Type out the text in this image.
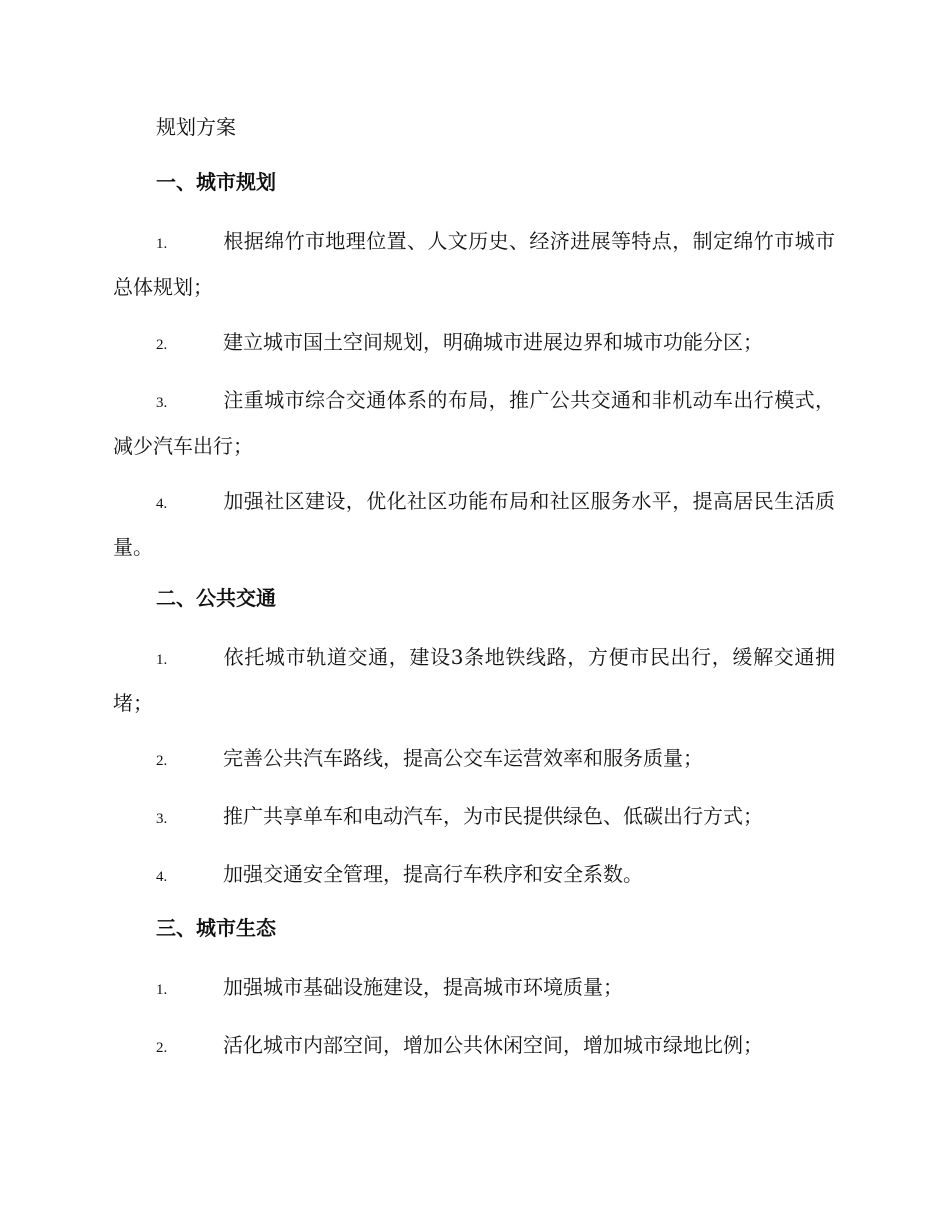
规划方案
一、城市规划

1.	根据绵竹市地理位置、人文历史、经济进展等特点，制定绵竹市城市总体规划；

2.	建立城市国土空间规划，明确城市进展边界和城市功能分区；

3.	注重城市综合交通体系的布局，推广公共交通和非机动车出行模式，减少汽车出行；

4.	加强社区建设，优化社区功能布局和社区服务水平，提高居民生活质量。

二、公共交通

1.	依托城市轨道交通，建设3条地铁线路，方便市民出行，缓解交通拥堵；

2.	完善公共汽车路线，提高公交车运营效率和服务质量；

3.	推广共享单车和电动汽车，为市民提供绿色、低碳出行方式；

4.	加强交通安全管理，提高行车秩序和安全系数。

三、城市生态

1.	加强城市基础设施建设，提高城市环境质量；

2.	活化城市内部空间，增加公共休闲空间，增加城市绿地比例；
